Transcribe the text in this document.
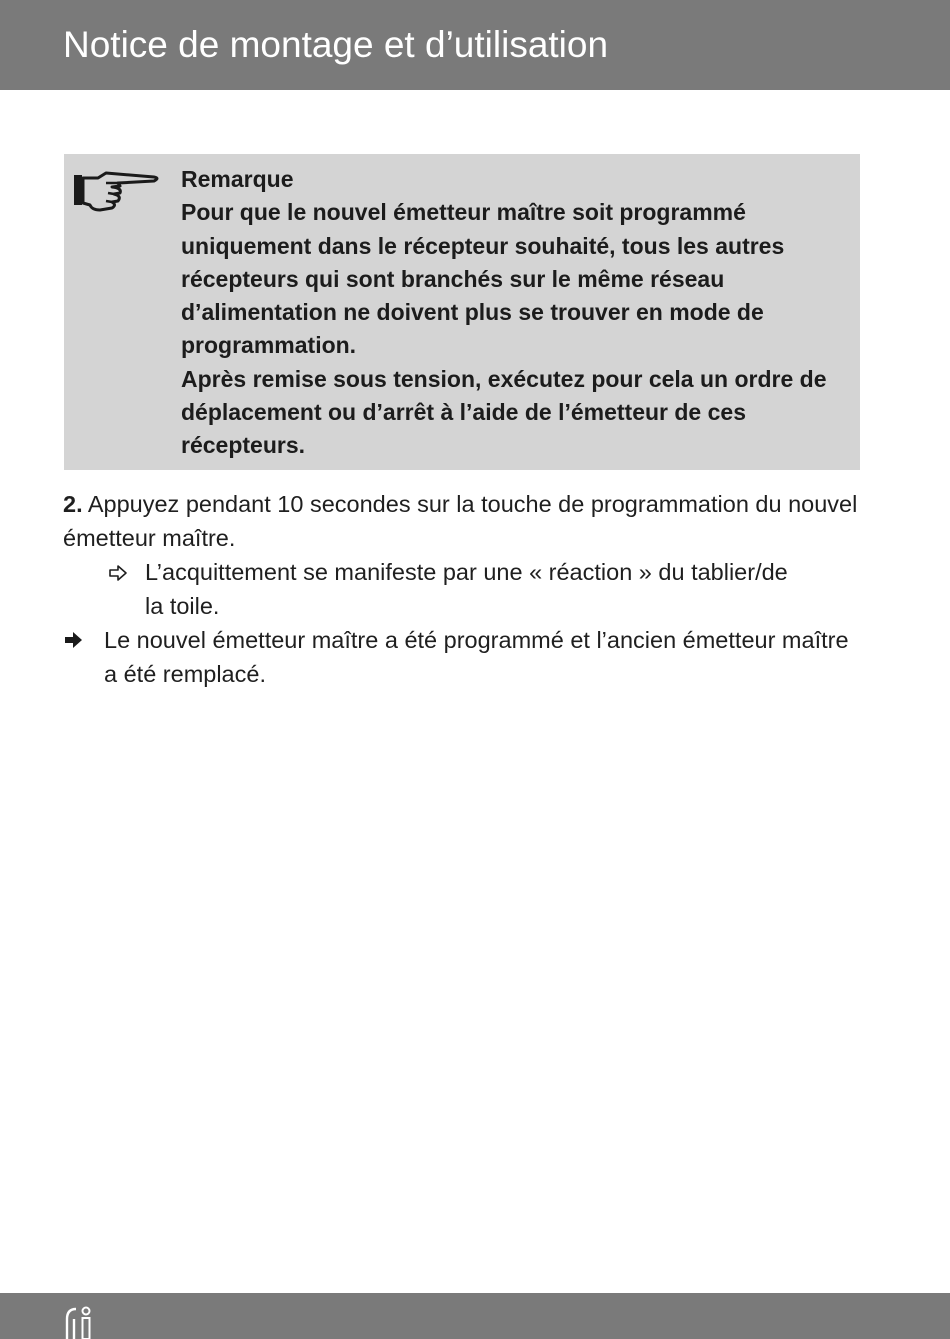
Notice de montage et d’utilisation

Remarque

Pour que le nouvel émetteur maître soit programmé uniquement dans le récepteur souhaité, tous les autres récepteurs qui sont branchés sur le même réseau d’alimentation ne doivent plus se trouver en mode de programmation.

Après remise sous tension, exécutez pour cela un ordre de déplacement ou d’arrêt à l’aide de l’émetteur de ces récepteurs.

2. Appuyez pendant 10 secondes sur la touche de programmation du nouvel émetteur maître.
L’acquittement se manifeste par une « réaction » du tablier/de la toile.
Le nouvel émetteur maître a été programmé et l’ancien émetteur maître a été remplacé.
